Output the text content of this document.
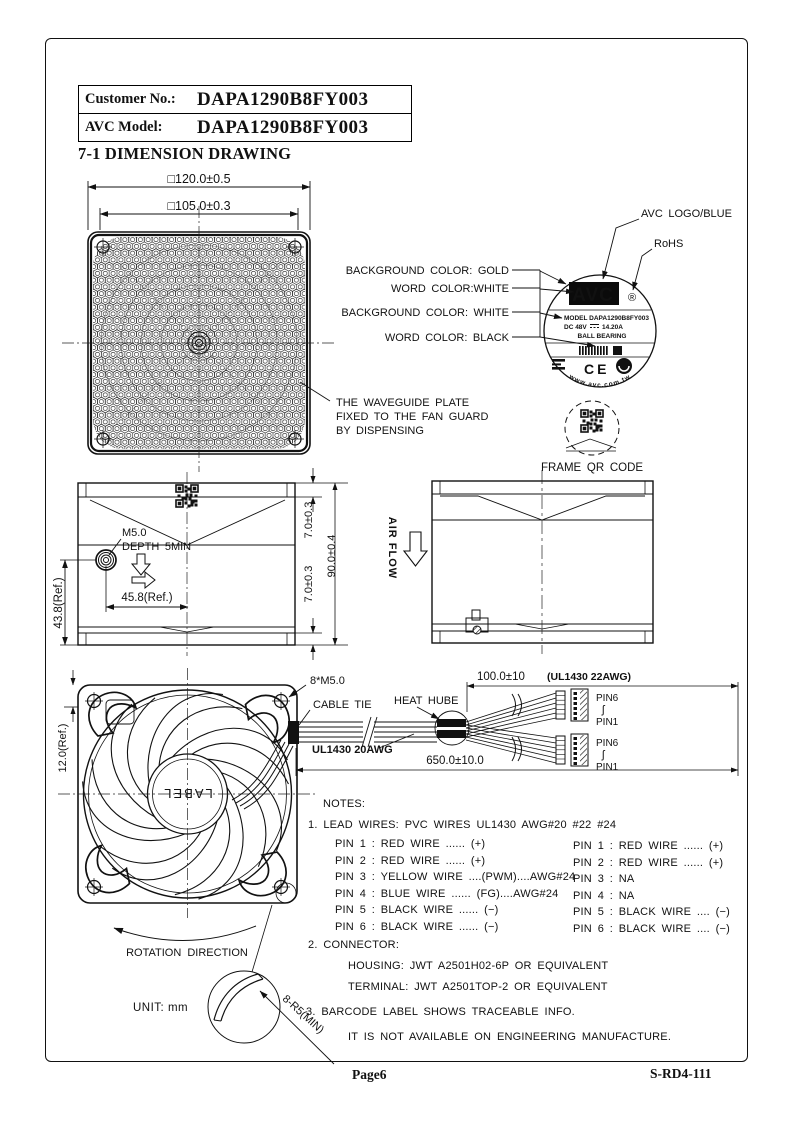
Customer No.:	DAPA1290B8FY003
AVC Model:	DAPA1290B8FY003
7-1 DIMENSION DRAWING
□120.0±0.5
□105.0±0.3
THE WAVEGUIDE PLATE
FIXED TO THE FAN GUARD
BY DISPENSING
AVC ®
MODEL DAPA1290B8FY003
DC 48V 14.20A
BALL BEARING
CE
www.avc.com.tw
BACKGROUND COLOR: GOLD
WORD COLOR:WHITE
BACKGROUND COLOR: WHITE
WORD COLOR: BLACK
AVC LOGO/BLUE
RoHS
FRAME QR CODE
M5.0
DEPTH 5MIN
45.8(Ref.)
43.8(Ref.)
7.0±0.3
90.0±0.4
7.0±0.3
AIR FLOW
LABEL
12.0(Ref.)
ROTATION DIRECTION
8-R5(MIN)
UNIT: mm
8*M5.0
CABLE TIE HEAT HUBE	PIN6
ʃ
PIN1
PIN6
ʃ
PIN1
UL1430 20AWG
100.0±10 (UL1430 22AWG)
650.0±10.0
NOTES:
1. LEAD WIRES: PVC WIRES UL1430 AWG#20 #22 #24
PIN 1 : RED WIRE ...... (+)
PIN 2 : RED WIRE ...... (+)
PIN 3 : YELLOW WIRE ....(PWM)....AWG#24
PIN 4 : BLUE WIRE ...... (FG)....AWG#24
PIN 5 : BLACK WIRE ...... (−)
PIN 6 : BLACK WIRE ...... (−)
PIN 1 : RED WIRE ...... (+)
PIN 2 : RED WIRE ...... (+)
PIN 3 : NA
PIN 4 : NA
PIN 5 : BLACK WIRE .... (−)
PIN 6 : BLACK WIRE .... (−)
2. CONNECTOR:
HOUSING: JWT A2501H02-6P OR EQUIVALENT
TERMINAL: JWT A2501TOP-2 OR EQUIVALENT
3. BARCODE LABEL SHOWS TRACEABLE INFO.
IT IS NOT AVAILABLE ON ENGINEERING MANUFACTURE.
Page6	S-RD4-111
